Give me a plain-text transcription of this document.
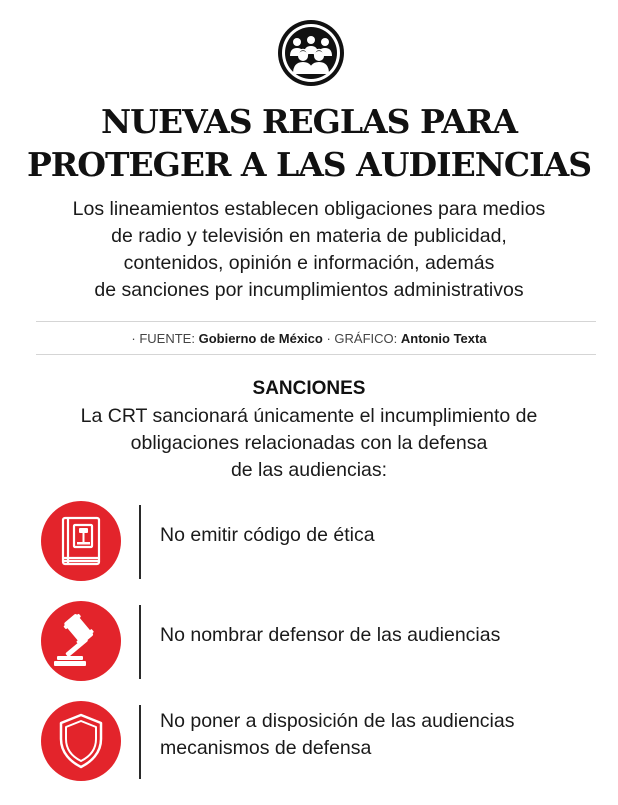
NUEVAS REGLAS PARA
PROTEGER A LAS AUDIENCIAS
Los lineamientos establecen obligaciones para medios
de radio y televisión en materia de publicidad,
contenidos, opinión e información, además
de sanciones por incumplimientos administrativos
· FUENTE: Gobierno de México · GRÁFICO: Antonio Texta
SANCIONES
La CRT sancionará únicamente el incumplimiento de
obligaciones relacionadas con la defensa
de las audiencias:
No emitir código de ética
No nombrar defensor de las audiencias
No poner a disposición de las audiencias
mecanismos de defensa
